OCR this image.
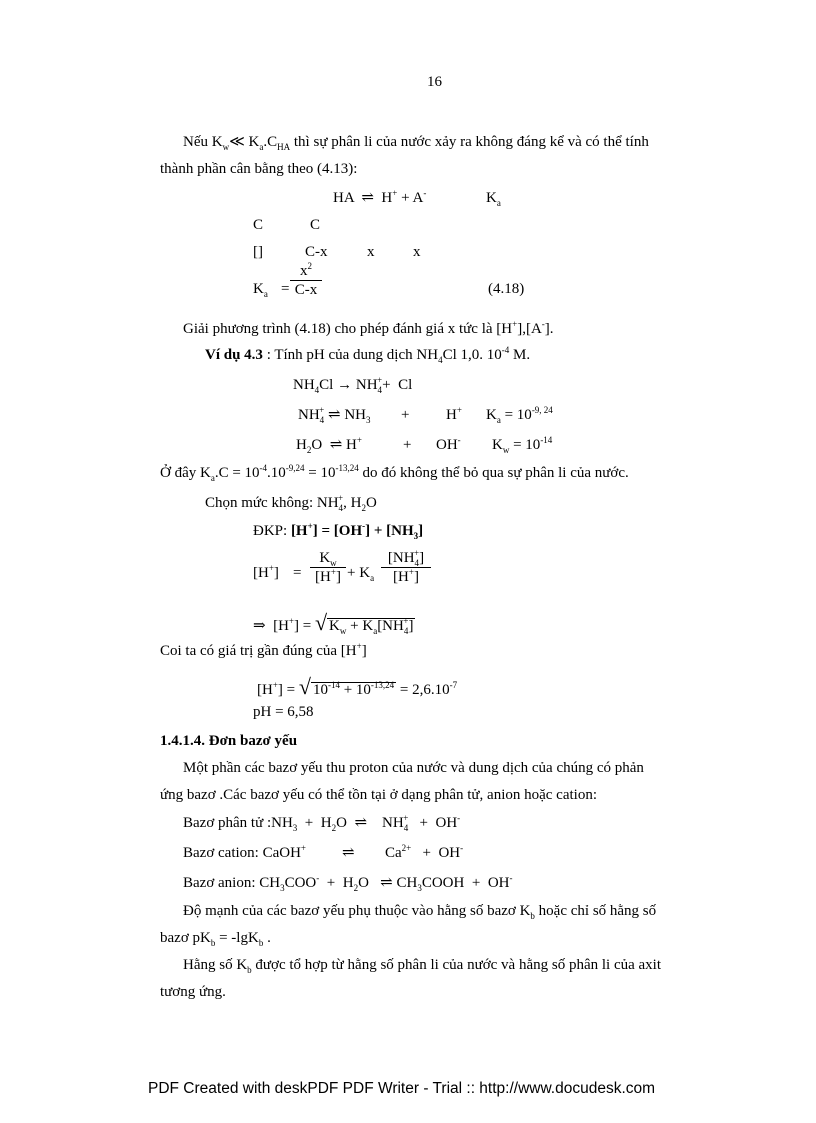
16
Nếu $K_w≪$ $K_a.C_{HA}$ thì sự phân li của nước xảy ra không đáng kể và có thể tính
thành phần cân bằng theo (4.13):
HA ⇌ H+ + A-	$K_a$
C	C
[]	C-x	x	x
$K_a = \frac{x^2}{C-x}$	(4.18)
Giải phương trình (4.18) cho phép đánh giá x tức là [H+],[A-].
Ví dụ 4.3 : Tính pH của dung dịch $NH_4Cl$ 1,0. $10^{-4}$ M.
$NH_4Cl \to NH_4^++ Cl$
$NH_4^+$ ⇌ $NH_3 + H^+$ $K_a = 10^{-9, 24}$
$H_2O$ ⇌ H+	+ OH- $K_w = 10^{-14}$
Ở đây $K_a.C = 10^{-4}.10^{-9,24} = 10^{-13,24}$ do đó không thể bỏ qua sự phân li của nước.
Chọn mức không: $NH_4^+$, $H_2O$
ĐKP: $[H^+] = [OH^-] + [NH_3]$
$[H^+] = \frac{K_w}{[H^+]} + K_a \frac{[NH_4^+]}{[H^+]}$
⇒ [H+] = √ $K_w + K_a[NH_4^+]$
Coi ta có giá trị gần đúng của [H+]
[H+] = √ $10^{-14} + 10^{-13,24} = 2,6.10^{-7}$
pH = 6,58
1.4.1.4. Đơn bazơ yếu
Một phần các bazơ yếu thu proton của nước và dung dịch của chúng có phản
ứng bazơ .Các bazơ yếu có thể tồn tại ở dạng phân tử, anion hoặc cation:
Bazơ phân tử $:NH_3 + H_2O$ ⇌ $NH_4^+ + OH^-$
Bazơ cation: CaOH+ ⇌ $Ca^{2+} + OH^-$
Bazơ anion: $CH_3COO^- + H_2O$ ⇌ $CH_3COOH + OH^-$
Độ mạnh của các bazơ yếu phụ thuộc vào hằng số bazơ $K_b$ hoặc chỉ số hằng số
bazơ $pK_b = -\lg K_b$ .
Hằng số $K_b$ được tổ hợp từ hằng số phân li của nước và hằng số phân li của axit
tương ứng.
PDF Created with deskPDF PDF Writer - Trial :: http://www.docudesk.com
